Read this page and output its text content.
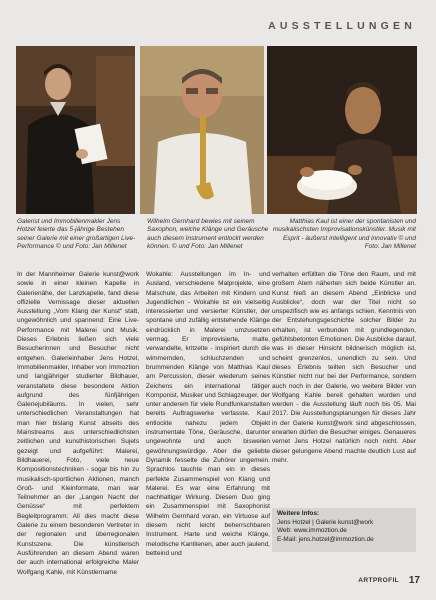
AUSSTELLUNGEN
Galerist und Immobilienmakler Jens Hotzel feierte das 5-jährige Bestehen seiner Galerie mit einer großartigen Live-Performance © und Foto: Jan Millenet
Wilhelm Gernhard bewies mit seinem Saxophon, welche Klänge und Geräusche auch diesem Instrument entlockt werden können. © und Foto: Jan Millenet
Matthias Kaul ist einer der spontanisten und musikalischsten Improvisationskünstler. Musik mit Esprit - äußerst intelligent und innovativ © und Foto: Jan Millenet
In der Mannheimer Galerie kunst@work sowie in einer kleinen Kapelle in Galerienähe, der Lanzkapelle, fand diese offizielle Vernissage dieser aktuellen Ausstellung „Vom Klang der Kunst“ statt, ungewöhnlich und spannend: Eine Live-Performance mit Malerei und Musik. Dieses Erlebnis ließen sich viele Besucherinnen und Besucher nicht entgehen. Galerieinhaber Jens Hotzel, Immobilienmakler, Inhaber von Immoztion und langjähriger studierter Bildhauer, veranstaltete diese besondere Aktion aufgrund des fünfjährigen Galeriejubiläums. In vielen, sehr unterschiedlichen Veranstaltungen hat man hier bislang Kunst abseits des Mainstreams aus unterschiedlichsten zeitlichen und kunsthistorischen Sujets gezeigt und aufgeführt: Malerei, Bildhauerei, Foto, viele neue Kompositionstechniken - sogar bis hin zu musikalisch-sportlichen Aktionen, manch Groß- und Kleinformate, man war Teilnehmer an der „Langen Nacht der Genüsse“ mit perfektem Begleitprogramm: All dies macht diese Galerie zu einem besonderen Vertreter in der regionalen und überregionalen Kunstszene. Die künstlerisch Ausführenden an diesem Abend waren der auch international erfolgreiche Maler Wolfgang Kahle, mit Künstlername
Wokahle: Ausstellungen im In- und Ausland, verschiedene Malprojekte, eine Malschule, das Arbeiten mit Kindern und Jugendlichen - Wokahle ist ein vielseitig interessierter und versierter Künstler, der spontane und zufällig entstehende Klänge eindrücklich in Malerei umzusetzen vermag. Er improvisierte, malte, verwandelte, kritzelte - inspiriert durch die wimmernden, schluchzenden und brummenden Klänge von Matthias Kaul am Percussion, dieser wiederum seines Zeichens ein international tätiger Komponist, Musiker und Schlagzeuger, der unter anderem für viele Rundfunkanstalten bereits Auftragswerke verfasste. Kaul entlockte nahezu jedem Objekt instrumentale Töne, Geräusche, darunter ungewohnte und auch bisweilen gewöhnungswürdige. Aber die geliebte Dynamik fesselte die Zuhörer ungemein. Sprachlos tauchte man ein in dieses perfekte Zusammenspiel von Klang und Malerei. Es war eine Erfahrung mit nachhaltiger Wirkung. Diesem Duo ging ein Zusammenspiel mit Saxophonist Wilhelm Gernhard voran, ein Virtuose auf diesem nicht leicht beherrschbaren Instrument. Harte und weiche Klänge, melodische Kantilenen, aber auch jaulend, betteind und
verhalten erfüllten die Töne den Raum, und mit großem Atem näherten sich beide Künstler an. Kunst hieß an diesem Abend „Einblicke und Ausblicke“, doch war der Titel nicht so unspezifisch wie es anfangs schien. Kenntnis von der Entstehungsgeschichte solcher Bilder zu erhalten, ist verbunden mit grundlegenden, gefühlsbetonten Emotionen. Die Ausblicke darauf, was in dieser Hinsicht bildnerisch möglich ist, scheint grenzenlos, unendlich zu sein. Und dieses Erlebnis teilten sich Besucher und Künstler nicht nur bei der Performance, sondern auch noch in der Galerie, wo weitere Bilder von Wolfgang Kahle bereit gehalten wurden und werden - die Ausstellung läuft noch bis 05. Mai 2017. Die Ausstellungsplanungen für dieses Jahr in der Galerie kunst@work sind abgeschlossen, erwarten dürfen die Besucher einiges. Genaueres vernet Jens Hotzel natürlich noch nicht. Aber dieser gelungene Abend machte deutlich Lust auf mehr.
Weitere Infos:
Jens Hotzel | Galerie kunst@work
Web: www.immoztion.de
E-Mail: jens.hotzel@immoztion.de
ARTPROFIL 17
